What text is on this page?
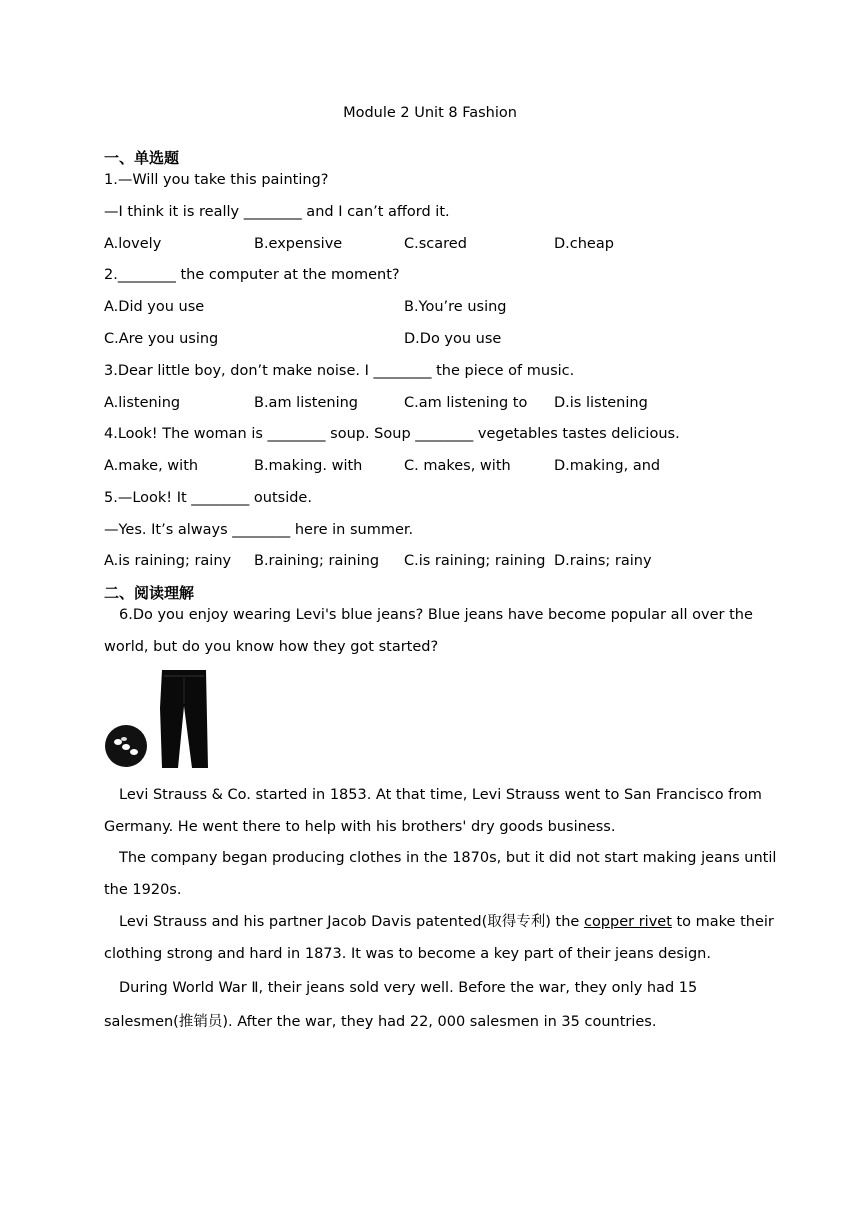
Module 2 Unit 8 Fashion
一、单选题
1.—Will you take this painting?
—I think it is really ________ and I can’t afford it.
A.lovely	B.expensive	C.scared	D.cheap
2.________ the computer at the moment?
A.Did you use	B.You’re using
C.Are you using	D.Do you use
3.Dear little boy, don’t make noise. I ________ the piece of music.
A.listening	B.am listening	C.am listening to D.is listening
4.Look! The woman is ________ soup. Soup ________ vegetables tastes delicious.
A.make, with	B.making. with	C. makes, with	D.making, and
5.—Look! It ________ outside.
—Yes. It’s always ________ here in summer.
A.is raining; rainy B.raining; raining C.is raining; raining D.rains; rainy
二、阅读理解
6.Do you enjoy wearing Levi's blue jeans? Blue jeans have become popular all over the
world, but do you know how they got started?
Levi Strauss & Co. started in 1853. At that time, Levi Strauss went to San Francisco from
Germany. He went there to help with his brothers' dry goods business.
The company began producing clothes in the 1870s, but it did not start making jeans until
the 1920s.
Levi Strauss and his partner Jacob Davis patented(取得专利) the copper rivet to make their
clothing strong and hard in 1873. It was to become a key part of their jeans design.
During World War Ⅱ, their jeans sold very well. Before the war, they only had 15
salesmen(推销员). After the war, they had 22, 000 salesmen in 35 countries.
